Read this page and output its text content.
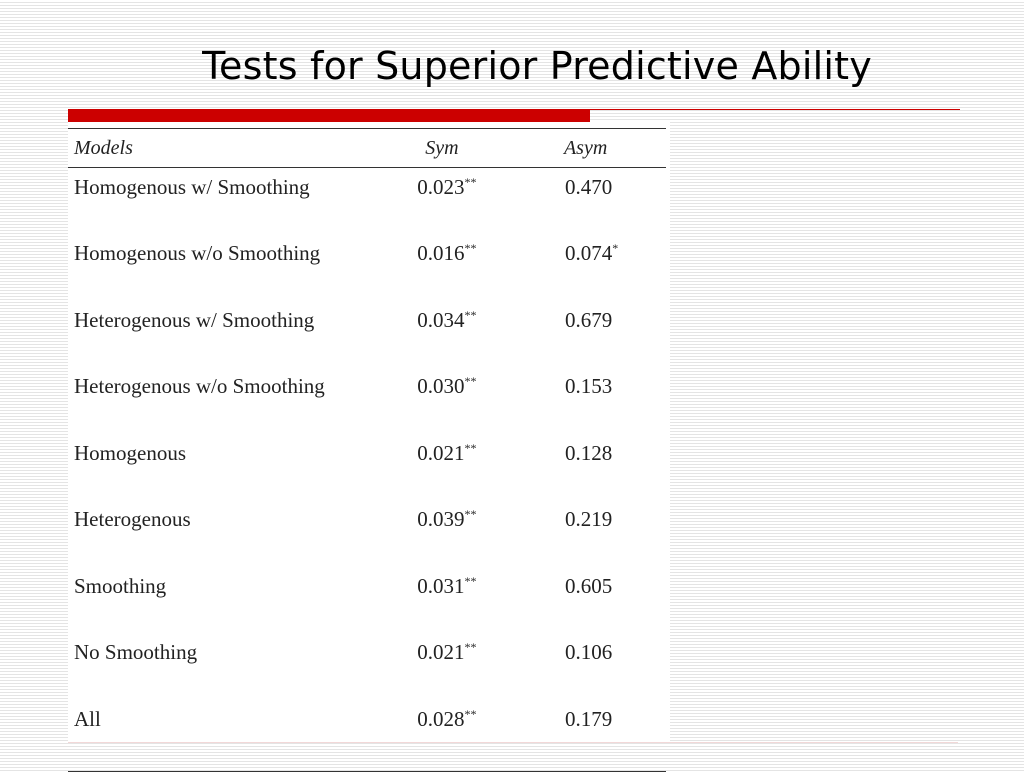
Tests for Superior Predictive Ability
Models	Sym	Asym
Homogenous w/ Smoothing	0.023**	0.470
Homogenous w/o Smoothing	0.016**	0.074*
Heterogenous w/ Smoothing	0.034**	0.679
Heterogenous w/o Smoothing	0.030**	0.153
Homogenous	0.021**	0.128
Heterogenous	0.039**	0.219
Smoothing	0.031**	0.605
No Smoothing	0.021**	0.106
All	0.028**	0.179
